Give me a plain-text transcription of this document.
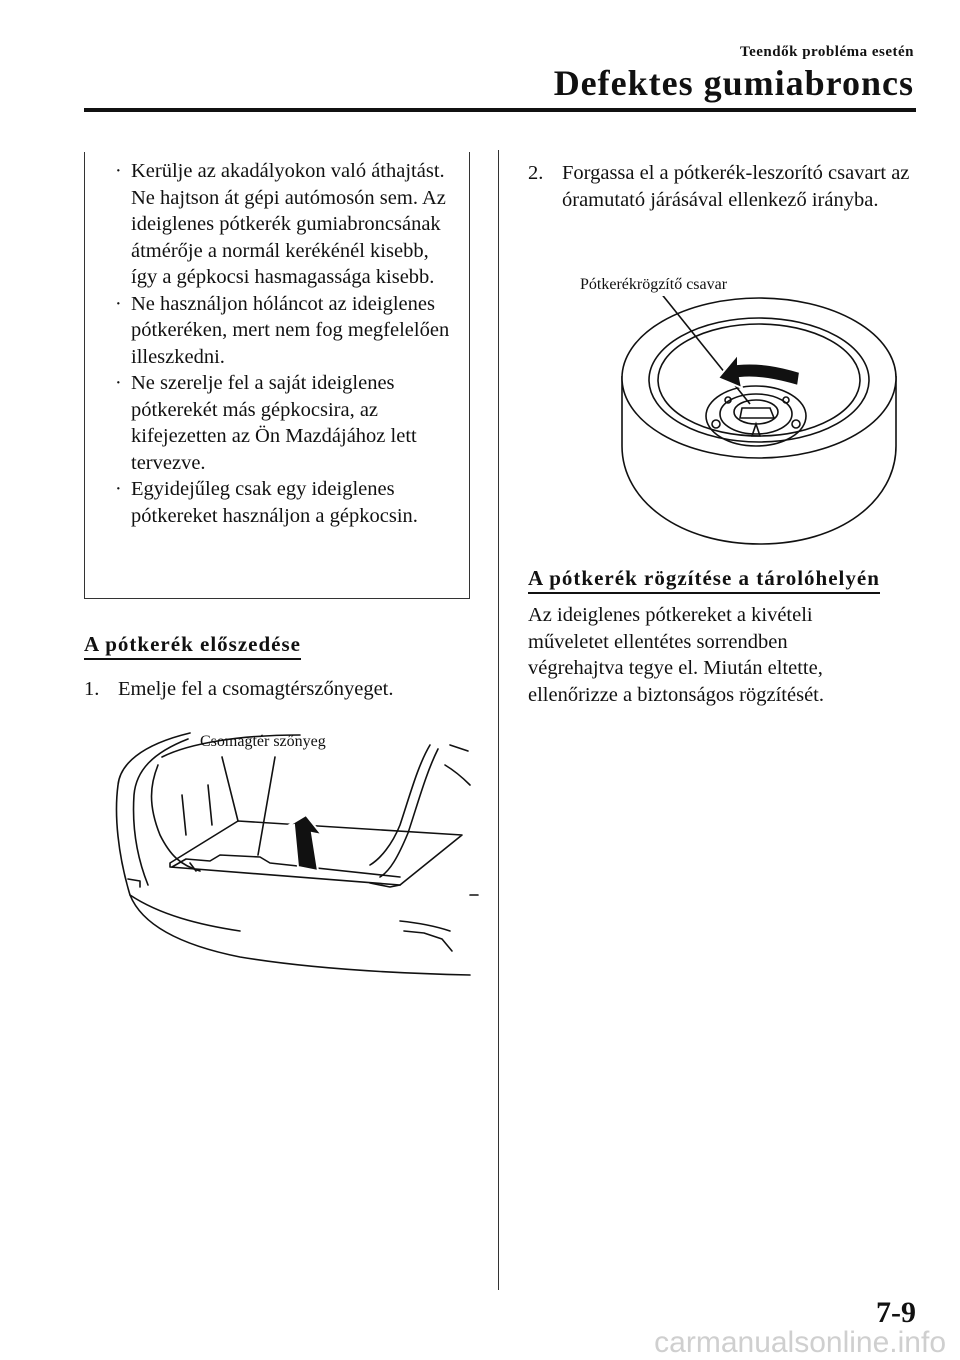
Teendők probléma esetén
Defektes gumiabroncs
· Kerülje az akadályokon való áthajtást. Ne hajtson át gépi autómosón sem. Az ideiglenes pótkerék gumiabroncsának átmérője a normál kerékénél kisebb, így a gépkocsi hasmagassága kisebb.
· Ne használjon hóláncot az ideiglenes pótkeréken, mert nem fog megfelelően illeszkedni.
· Ne szerelje fel a saját ideiglenes pótkerekét más gépkocsira, az kifejezetten az Ön Mazdájához lett tervezve.
· Egyidejűleg csak egy ideiglenes pótkereket használjon a gépkocsin.
A pótkerék előszedése
1. Emelje fel a csomagtérszőnyeget.
Csomagtér szőnyeg
2. Forgassa el a pótkerék-leszorító csavart az óramutató járásával ellenkező irányba.
Pótkerékrögzítő csavar
A pótkerék rögzítése a tárolóhelyén
Az ideiglenes pótkereket a kivételi műveletet ellentétes sorrendben végrehajtva tegye el. Miután eltette, ellenőrizze a biztonságos rögzítését.
7-9
carmanualsonline.info
